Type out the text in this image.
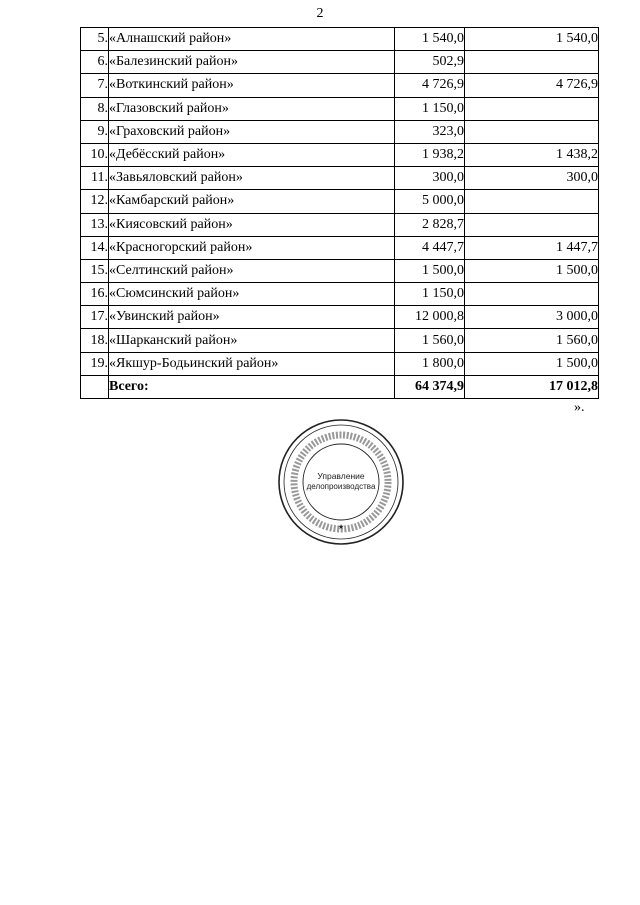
2
5.	«Алнашский район»	1 540,0	1 540,0
6.	«Балезинский район»	502,9	
7.	«Воткинский район»	4 726,9	4 726,9
8.	«Глазовский район»	1 150,0	
9.	«Граховский район»	323,0	
10.	«Дебёсский район»	1 938,2	1 438,2
11.	«Завьяловский район»	300,0	300,0
12.	«Камбарский район»	5 000,0	
13.	«Киясовский район»	2 828,7	
14.	«Красногорский район»	4 447,7	1 447,7
15.	«Селтинский район»	1 500,0	1 500,0
16.	«Сюмсинский район»	1 150,0	
17.	«Увинский район»	12 000,8	3 000,0
18.	«Шарканский район»	1 560,0	1 560,0
19.	«Якшур-Бодьинский район»	1 800,0	1 500,0
	Всего:	64 374,9	17 012,8
».
Управление
делопроизводства
★
